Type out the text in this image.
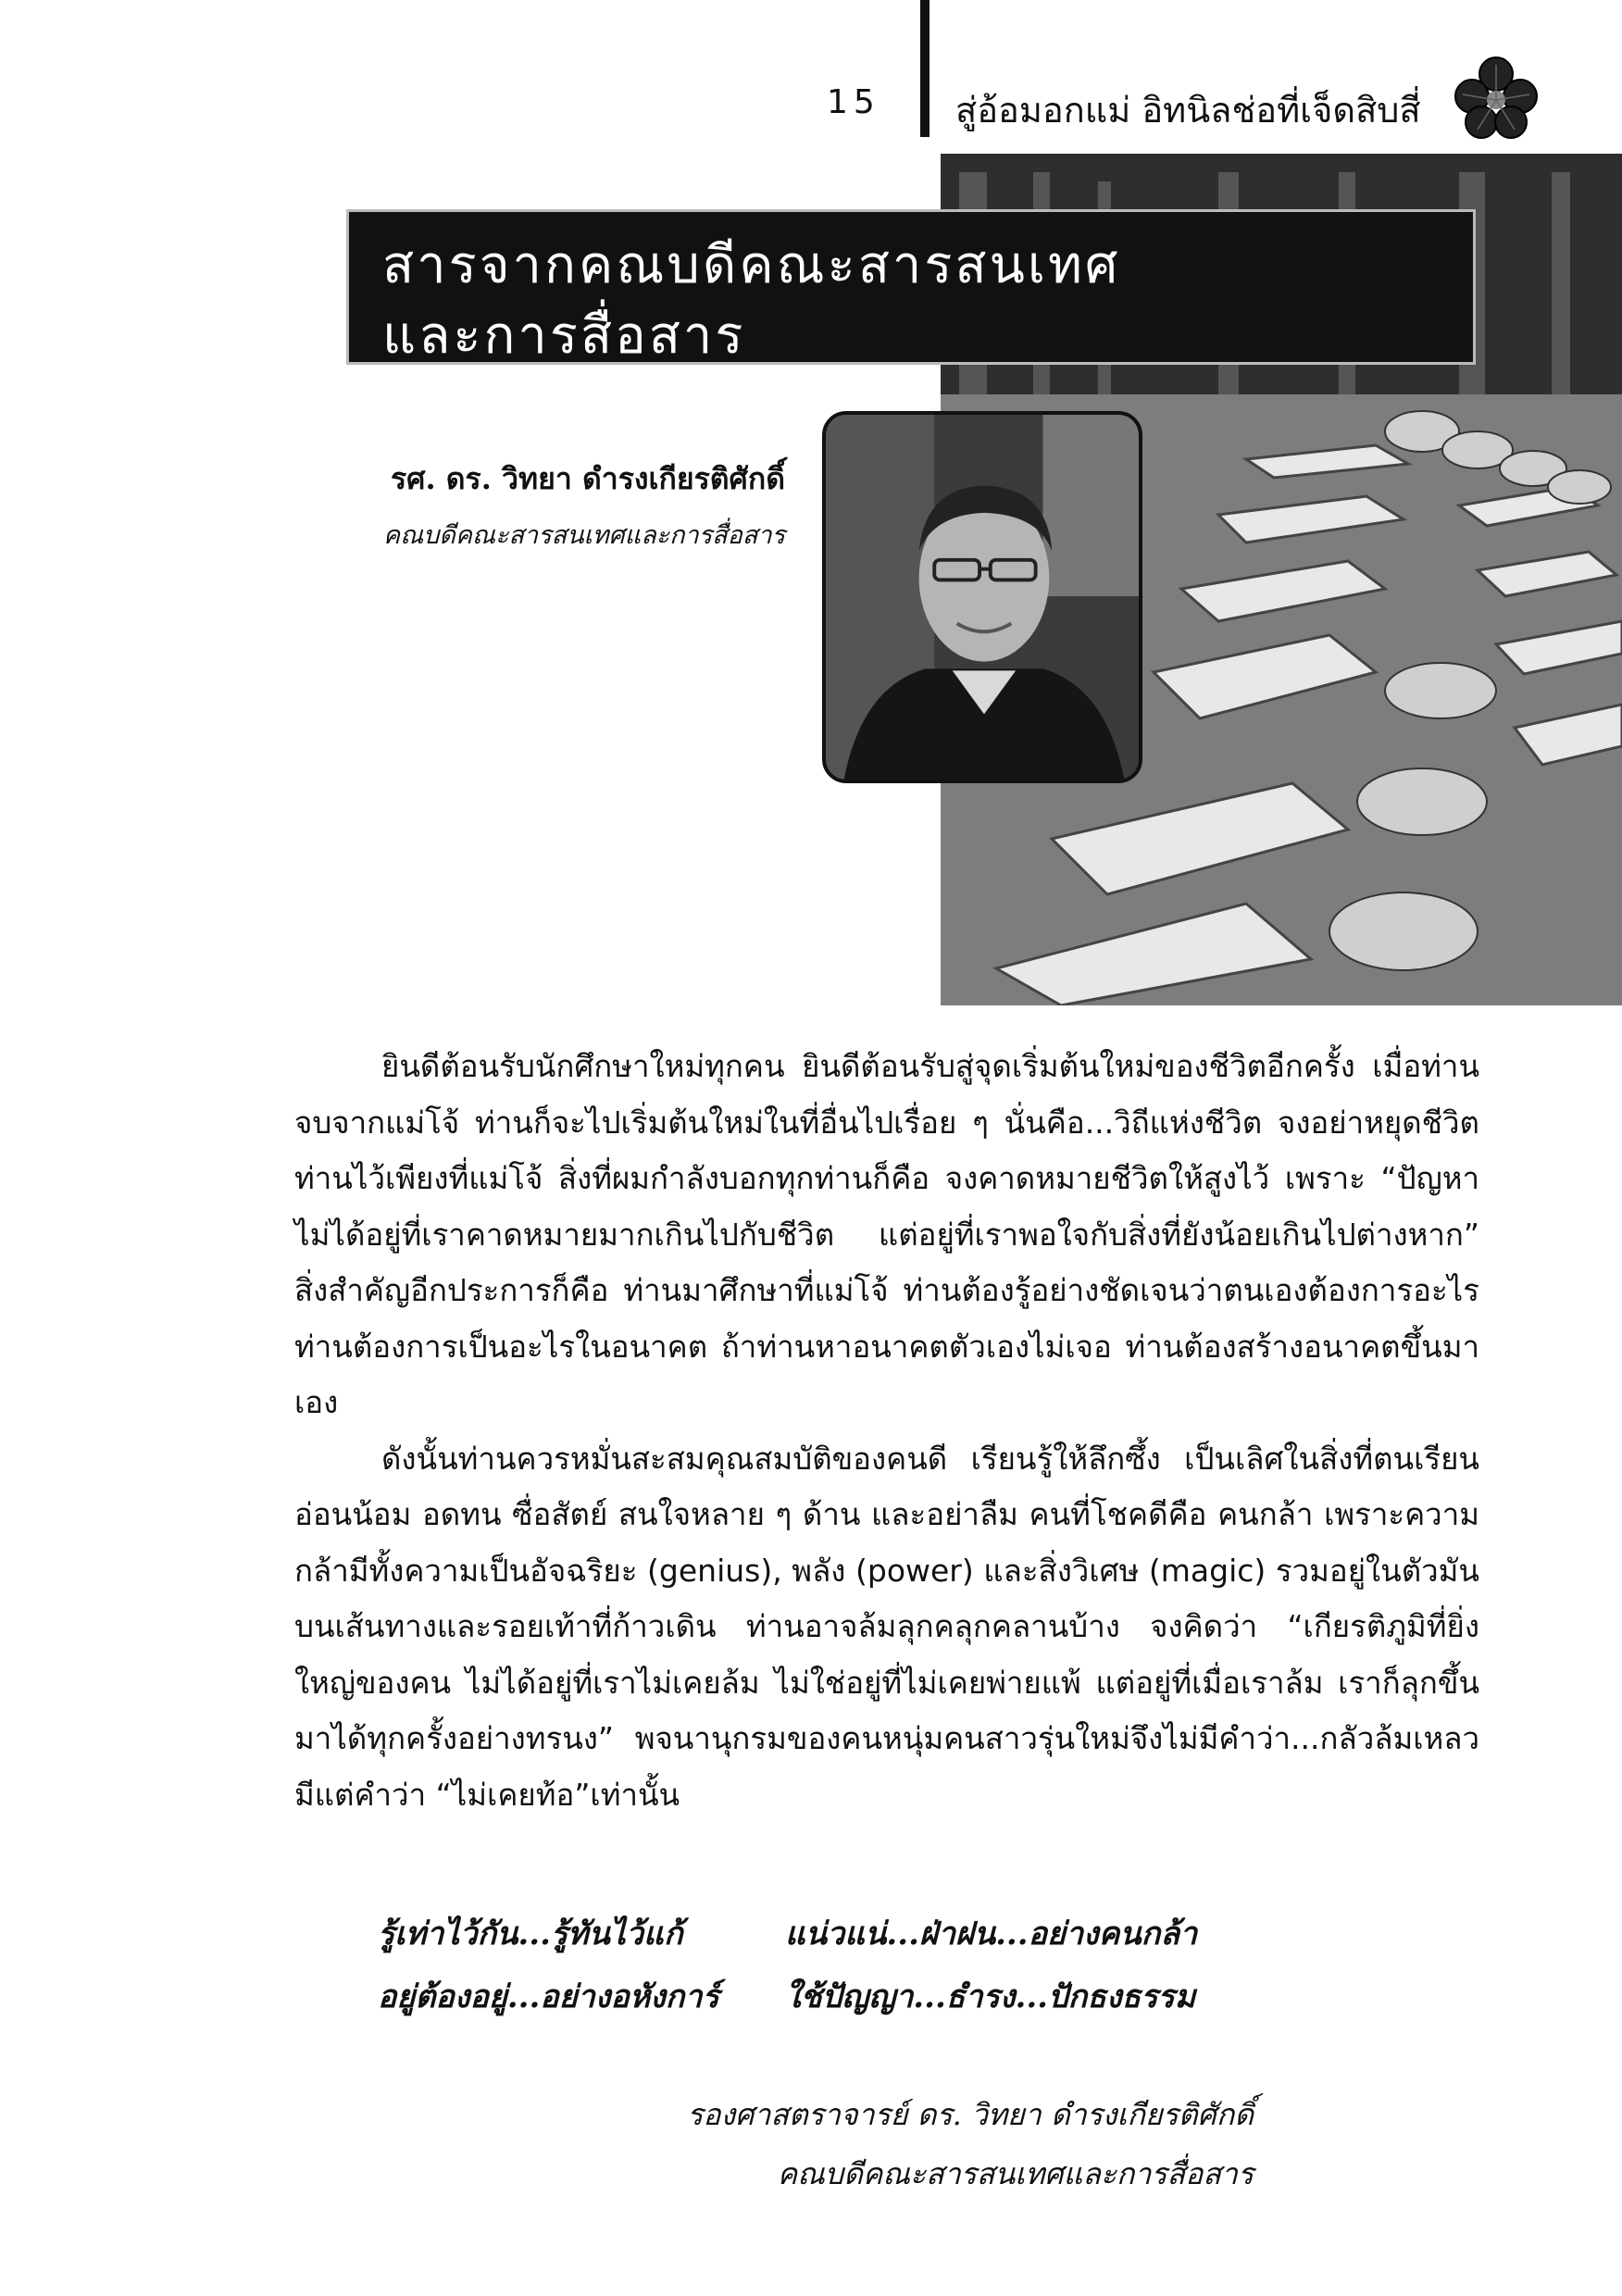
15 สู่อ้อมอกแม่ อิทนิลช่อที่เจ็ดสิบสี่
สารจากคณบดีคณะสารสนเทศ
และการสื่อสาร
รศ. ดร. วิทยา ดำรงเกียรติศักดิ์
คณบดีคณะสารสนเทศและการสื่อสาร

ยินดีต้อนรับนักศึกษาใหม่ทุกคน ยินดีต้อนรับสู่จุดเริ่มต้นใหม่ของชีวิตอีกครั้ง เมื่อท่านจบจากแม่โจ้ ท่านก็จะไปเริ่มต้นใหม่ในที่อื่นไปเรื่อย ๆ นั่นคือ...วิถีแห่งชีวิต จงอย่าหยุดชีวิตท่านไว้เพียงที่แม่โจ้ สิ่งที่ผมกำลังบอกทุกท่านก็คือ จงคาดหมายชีวิตให้สูงไว้ เพราะ “ปัญหาไม่ได้อยู่ที่เราคาดหมายมากเกินไปกับชีวิต แต่อยู่ที่เราพอใจกับสิ่งที่ยังน้อยเกินไปต่างหาก” สิ่งสำคัญอีกประการก็คือ ท่านมาศึกษาที่แม่โจ้ ท่านต้องรู้อย่างชัดเจนว่าตนเองต้องการอะไร ท่านต้องการเป็นอะไรในอนาคต ถ้าท่านหาอนาคตตัวเองไม่เจอ ท่านต้องสร้างอนาคตขึ้นมาเอง

ดังนั้นท่านควรหมั่นสะสมคุณสมบัติของคนดี เรียนรู้ให้ลึกซึ้ง เป็นเลิศในสิ่งที่ตนเรียน อ่อนน้อม อดทน ซื่อสัตย์ สนใจหลาย ๆ ด้าน และอย่าลืม คนที่โชคดีคือ คนกล้า เพราะความกล้ามีทั้งความเป็นอัจฉริยะ (genius), พลัง (power) และสิ่งวิเศษ (magic) รวมอยู่ในตัวมัน บนเส้นทางและรอยเท้าที่ก้าวเดิน ท่านอาจล้มลุกคลุกคลานบ้าง จงคิดว่า “เกียรติภูมิที่ยิ่งใหญ่ของคน ไม่ได้อยู่ที่เราไม่เคยล้ม ไม่ใช่อยู่ที่ไม่เคยพ่ายแพ้ แต่อยู่ที่เมื่อเราล้ม เราก็ลุกขึ้นมาได้ทุกครั้งอย่างทรนง” พจนานุกรมของคนหนุ่มคนสาวรุ่นใหม่จึงไม่มีคำว่า...กลัวล้มเหลว มีแต่คำว่า “ไม่เคยท้อ”เท่านั้น

รู้เท่าไว้กัน...รู้ทันไว้แก้	แน่วแน่...ฝ่าฝน...อย่างคนกล้า
อยู่ต้องอยู่...อย่างอหังการ์	ใช้ปัญญา...ธำรง...ปักธงธรรม
รองศาสตราจารย์ ดร. วิทยา ดำรงเกียรติศักดิ์
คณบดีคณะสารสนเทศและการสื่อสาร
